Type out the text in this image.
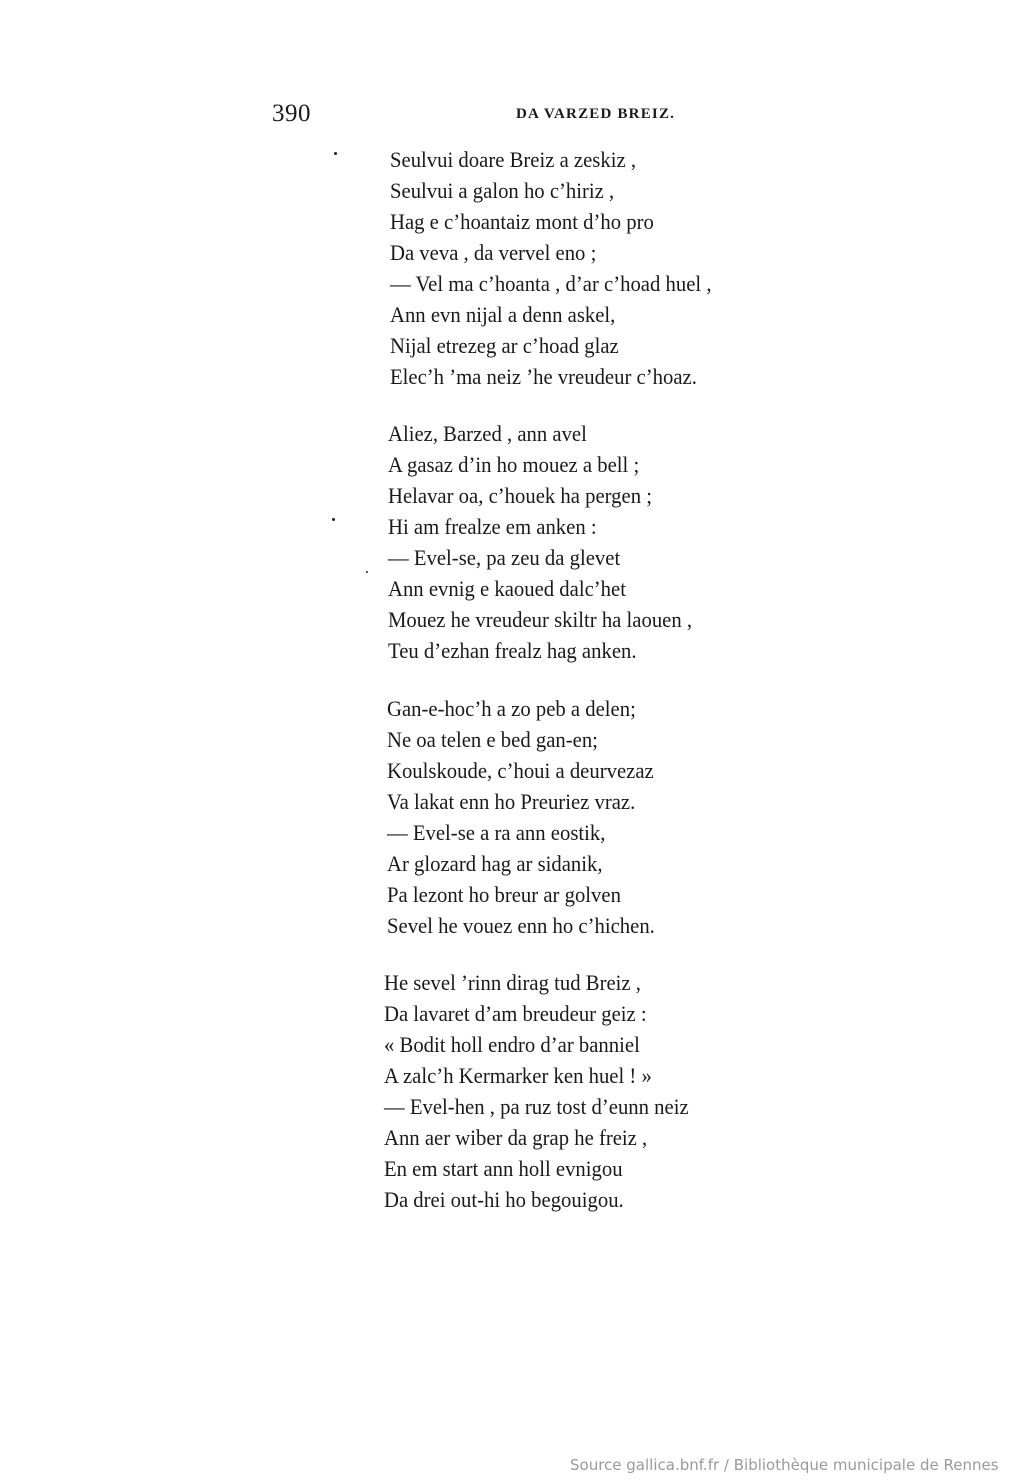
390	DA VARZED BREIZ.
Seulvui doare Breiz a zeskiz ,
Seulvui a galon ho c’hiriz ,
Hag e c’hoantaiz mont d’ho pro
Da veva , da vervel eno ;
— Vel ma c’hoanta , d’ar c’hoad huel ,
Ann evn nijal a denn askel,
Nijal etrezeg ar c’hoad glaz
Elec’h ’ma neiz ’he vreudeur c’hoaz.
Aliez, Barzed , ann avel
A gasaz d’in ho mouez a bell ;
Helavar oa, c’houek ha pergen ;
Hi am frealze em anken :
— Evel-se, pa zeu da glevet
Ann evnig e kaoued dalc’het
Mouez he vreudeur skiltr ha laouen ,
Teu d’ezhan frealz hag anken.
Gan-e-hoc’h a zo peb a delen;
Ne oa telen e bed gan-en;
Koulskoude, c’houi a deurvezaz
Va lakat enn ho Preuriez vraz.
— Evel-se a ra ann eostik,
Ar glozard hag ar sidanik,
Pa lezont ho breur ar golven
Sevel he vouez enn ho c’hichen.
He sevel ’rinn dirag tud Breiz ,
Da lavaret d’am breudeur geiz :
« Bodit holl endro d’ar banniel
A zalc’h Kermarker ken huel ! »
— Evel-hen , pa ruz tost d’eunn neiz
Ann aer wiber da grap he freiz ,
En em start ann holl evnigou
Da drei out-hi ho begouigou.
Source gallica.bnf.fr / Bibliothèque municipale de Rennes
